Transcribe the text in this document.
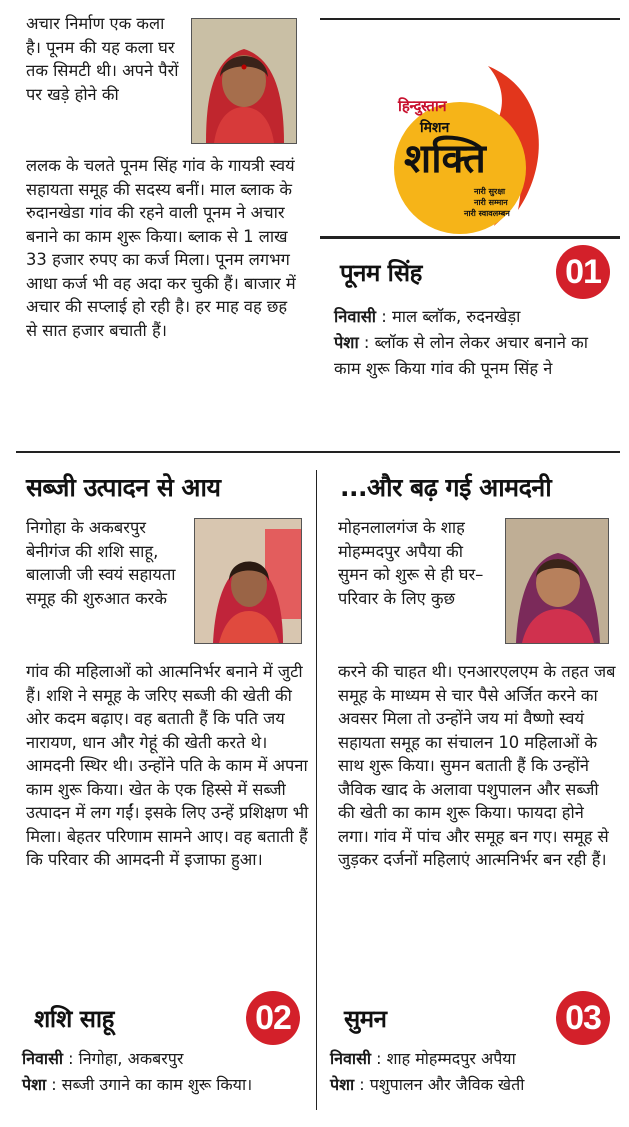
अचार निर्माण एक कला है। पूनम की यह कला घर तक सिमटी थी। अपने पैरों पर खड़े होने की
ललक के चलते पूनम सिंह गांव के गायत्री स्वयं सहायता समूह की सदस्य बनीं। माल ब्लाक के रुदानखेडा गांव की रहने वाली पूनम ने अचार बनाने का काम शुरू किया। ब्लाक से 1 लाख 33 हजार रुपए का कर्ज मिला। पूनम लगभग आधा कर्ज भी वह अदा कर चुकी हैं। बाजार में अचार की सप्लाई हो रही है। हर माह वह छह से सात हजार बचाती हैं।
हिन्दुस्तान
मिशन
शक्ति
नारी सुरक्षा
नारी सम्मान
नारी स्वावलम्बन
पूनम सिंह	01
निवासी : माल ब्लॉक, रुदनखेड़ा
पेशा : ब्लॉक से लोन लेकर अचार बनाने का काम शुरू किया गांव की पूनम सिंह ने
सब्जी उत्पादन से आय
निगोहा के अकबरपुर बेनीगंज की शशि साहू, बालाजी जी स्वयं सहायता समूह की शुरुआत करके
गांव की महिलाओं को आत्मनिर्भर बनाने में जुटी हैं। शशि ने समूह के जरिए सब्जी की खेती की ओर कदम बढ़ाए। वह बताती हैं कि पति जय नारायण, धान और गेहूं की खेती करते थे। आमदनी स्थिर थी। उन्होंने पति के काम में अपना काम शुरू किया। खेत के एक हिस्से में सब्जी उत्पादन में लग गईं। इसके लिए उन्हें प्रशिक्षण भी मिला। बेहतर परिणाम सामने आए। वह बताती हैं कि परिवार की आमदनी में इजाफा हुआ।
शशि साहू	02
निवासी : निगोहा, अकबरपुर
पेशा : सब्जी उगाने का काम शुरू किया।
...और बढ़ गई आमदनी
मोहनलालगंज के शाह मोहम्मदपुर अपैया की सुमन को शुरू से ही घर–परिवार के लिए कुछ
करने की चाहत थी। एनआरएलएम के तहत जब समूह के माध्यम से चार पैसे अर्जित करने का अवसर मिला तो उन्होंने जय मां वैष्णो स्वयं सहायता समूह का संचालन 10 महिलाओं के साथ शुरू किया। सुमन बताती हैं कि उन्होंने जैविक खाद के अलावा पशुपालन और सब्जी की खेती का काम शुरू किया। फायदा होने लगा। गांव में पांच और समूह बन गए। समूह से जुड़कर दर्जनों महिलाएं आत्मनिर्भर बन रही हैं।
सुमन	03
निवासी : शाह मोहम्मदपुर अपैया
पेशा : पशुपालन और जैविक खेती
